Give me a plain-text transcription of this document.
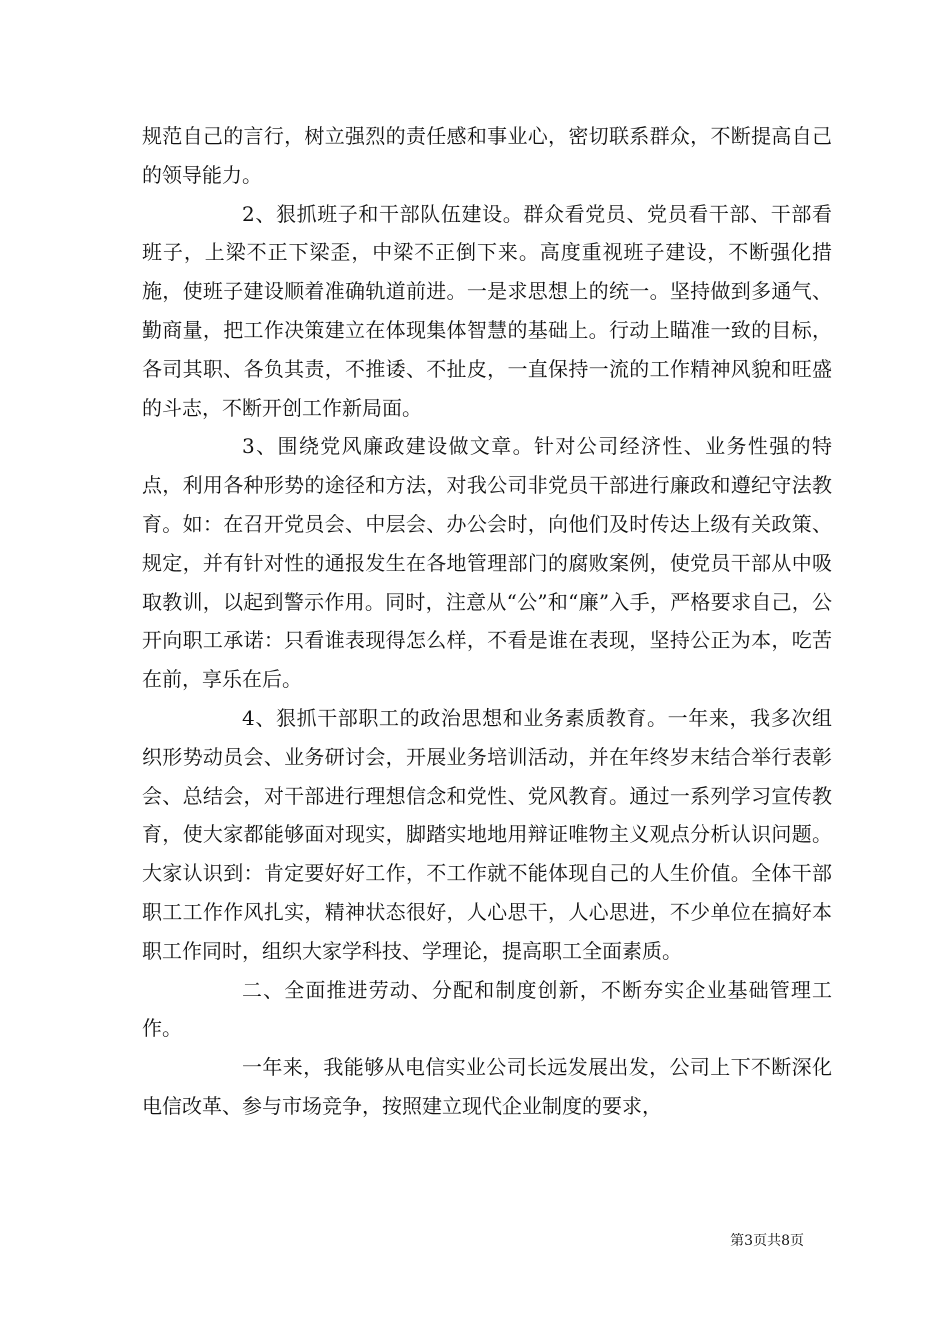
规范自己的言行，树立强烈的责任感和事业心，密切联系群众，不断提高自己的领导能力。

2、狠抓班子和干部队伍建设。群众看党员、党员看干部、干部看班子，上梁不正下梁歪，中梁不正倒下来。高度重视班子建设，不断强化措施，使班子建设顺着准确轨道前进。一是求思想上的统一。坚持做到多通气、勤商量，把工作决策建立在体现集体智慧的基础上。行动上瞄准一致的目标，各司其职、各负其责，不推诿、不扯皮，一直保持一流的工作精神风貌和旺盛的斗志，不断开创工作新局面。

3、围绕党风廉政建设做文章。针对公司经济性、业务性强的特点，利用各种形势的途径和方法，对我公司非党员干部进行廉政和遵纪守法教育。如：在召开党员会、中层会、办公会时，向他们及时传达上级有关政策、规定，并有针对性的通报发生在各地管理部门的腐败案例，使党员干部从中吸取教训，以起到警示作用。同时，注意从“公”和“廉”入手，严格要求自己，公开向职工承诺：只看谁表现得怎么样，不看是谁在表现，坚持公正为本，吃苦在前，享乐在后。

4、狠抓干部职工的政治思想和业务素质教育。一年来，我多次组织形势动员会、业务研讨会，开展业务培训活动，并在年终岁末结合举行表彰会、总结会，对干部进行理想信念和党性、党风教育。通过一系列学习宣传教育，使大家都能够面对现实，脚踏实地地用辩证唯物主义观点分析认识问题。大家认识到：肯定要好好工作，不工作就不能体现自己的人生价值。全体干部职工工作作风扎实，精神状态很好，人心思干，人心思进，不少单位在搞好本职工作同时，组织大家学科技、学理论，提高职工全面素质。

二、全面推进劳动、分配和制度创新，不断夯实企业基础管理工作。

一年来，我能够从电信实业公司长远发展出发，公司上下不断深化电信改革、参与市场竞争，按照建立现代企业制度的要求，

第3页共8页
